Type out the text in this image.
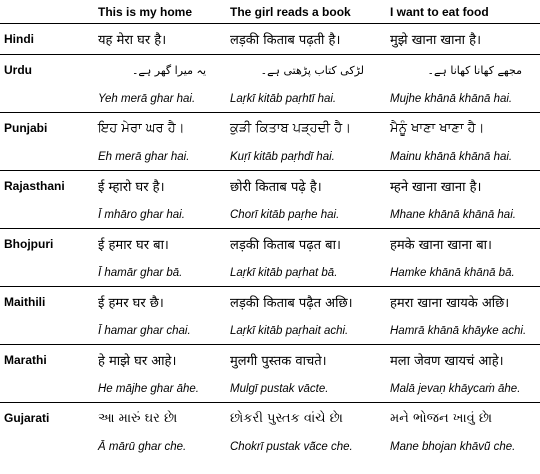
	This is my home	The girl reads a book	I want to eat food
Hindi	यह मेरा घर है।	लड़की किताब पढ़ती है।	मुझे खाना खाना है।
Urdu	یہ میرا گھر ہے۔	لڑکی کتاب پڑھتی ہے۔	مجھے کھانا کھانا ہے۔
	Yeh merā ghar hai.	Laṛkī kitāb paṛhtī hai.	Mujhe khānā khānā hai.
Punjabi	ਇਹ ਮੇਰਾ ਘਰ ਹੈ।	ਕੁੜੀ ਕਿਤਾਬ ਪੜ੍ਹਦੀ ਹੈ।	ਮੈਨੂੰ ਖਾਣਾ ਖਾਣਾ ਹੈ।
	Eh merā ghar hai.	Kuṛī kitāb paṛhdī hai.	Mainu khānā khānā hai.
Rajasthani	ई म्हारो घर है।	छोरी किताब पढ़े है।	म्हने खाना खाना है।
	Ī mhāro ghar hai.	Chorī kitāb paṛhe hai.	Mhane khānā khānā hai.
Bhojpuri	ई हमार घर बा।	लड़की किताब पढ़त बा।	हमके खाना खाना बा।
	Ī hamār ghar bā.	Laṛkī kitāb paṛhat bā.	Hamke khānā khānā bā.
Maithili	ई हमर घर छै।	लड़की किताब पढ़ैत अछि।	हमरा खाना खायके अछि।
	Ī hamar ghar chai.	Laṛkī kitāb paṛhait achi.	Hamrā khānā khāyke achi.
Marathi	हे माझे घर आहे।	मुलगी पुस्तक वाचते।	मला जेवण खायचं आहे।
	He mājhe ghar āhe.	Mulgī pustak vācte.	Malā jevaṇ khāycaṁ āhe.
Gujarati	આ મારું ઘર છે।	છોકરી પુસ્તક વાંચે છે।	મને ભોજન ખાવું છે।
	Ā mārū ghar che.	Chokrī pustak vā̃ce che.	Mane bhojan khāvū̃ che.
